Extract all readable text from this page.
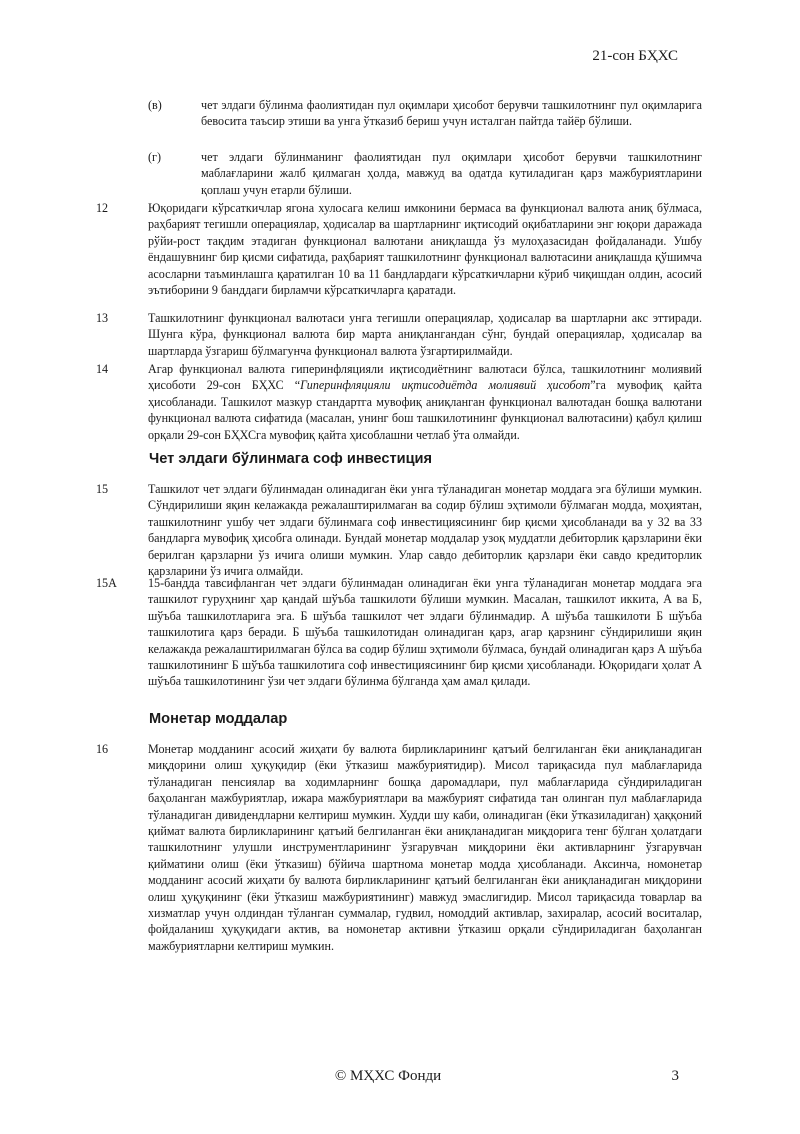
21-сон БҲХС
(в)	чет элдаги бўлинма фаолиятидан пул оқимлари ҳисобот берувчи ташкилотнинг пул оқимларига бевосита таъсир этиши ва унга ўтказиб бериш учун исталган пайтда тайёр бўлиши.
(г)	чет элдаги бўлинманинг фаолиятидан пул оқимлари ҳисобот берувчи ташкилотнинг маблағларини жалб қилмаган ҳолда, мавжуд ва одатда кутиладиган қарз мажбуриятларини қоплаш учун етарли бўлиши.
12	Юқоридаги кўрсаткичлар ягона хулосага келиш имконини бермаса ва функционал валюта аниқ бўлмаса, раҳбарият тегишли операциялар, ҳодисалар ва шартларнинг иқтисодий оқибатларини энг юқори даражада рўйи-рост тақдим этадиган функционал валютани аниқлашда ўз мулоҳазасидан фойдаланади. Ушбу ёндашувнинг бир қисми сифатида, раҳбарият ташкилотнинг функционал валютасини аниқлашда қўшимча асосларни таъминлашга қаратилган 10 ва 11 бандлардаги кўрсаткичларни кўриб чиқишдан олдин, асосий эътиборини 9 банддаги бирламчи кўрсаткичларга қаратади.
13	Ташкилотнинг функционал валютаси унга тегишли операциялар, ҳодисалар ва шартларни акс эттиради. Шунга кўра, функционал валюта бир марта аниқлангандан сўнг, бундай операциялар, ҳодисалар ва шартларда ўзгариш бўлмагунча функционал валюта ўзгартирилмайди.
14	Агар функционал валюта гиперинфляцияли иқтисодиётнинг валютаси бўлса, ташкилотнинг молиявий ҳисоботи 29-сон БҲХС “Гиперинфляцияли иқтисодиётда молиявий ҳисобот”га мувофиқ қайта ҳисобланади. Ташкилот мазкур стандартга мувофиқ аниқланган функционал валютадан бошқа валютани функционал валюта сифатида (масалан, унинг бош ташкилотининг функционал валютасини) қабул қилиш орқали 29-сон БҲХСга мувофиқ қайта ҳисоблашни четлаб ўта олмайди.
Чет элдаги бўлинмага соф инвестиция
15	Ташкилот чет элдаги бўлинмадан олинадиган ёки унга тўланадиган монетар моддага эга бўлиши мумкин. Сўндирилиши яқин келажакда режалаштирилмаган ва содир бўлиш эҳтимоли бўлмаган модда, моҳиятан, ташкилотнинг ушбу чет элдаги бўлинмага соф инвестициясининг бир қисми ҳисобланади ва у 32 ва 33 бандларга мувофиқ ҳисобга олинади. Бундай монетар моддалар узоқ муддатли дебиторлик қарзларини ёки берилган қарзларни ўз ичига олиши мумкин. Улар савдо дебиторлик қарзлари ёки савдо кредиторлик қарзларини ўз ичига олмайди.
15А	15-бандда тавсифланган чет элдаги бўлинмадан олинадиган ёки унга тўланадиган монетар моддага эга ташкилот гуруҳнинг ҳар қандай шўъба ташкилоти бўлиши мумкин. Масалан, ташкилот иккита, А ва Б, шўъба ташкилотларига эга. Б шўъба ташкилот чет элдаги бўлинмадир. А шўъба ташкилоти Б шўъба ташкилотига қарз беради. Б шўъба ташкилотидан олинадиган қарз, агар қарзнинг сўндирилиши яқин келажакда режалаштирилмаган бўлса ва содир бўлиш эҳтимоли бўлмаса, бундай олинадиган қарз А шўъба ташкилотининг Б шўъба ташкилотига соф инвестициясининг бир қисми ҳисобланади. Юқоридаги ҳолат А шўъба ташкилотининг ўзи чет элдаги бўлинма бўлганда ҳам амал қилади.
Монетар моддалар
16	Монетар модданинг асосий жиҳати бу валюта бирликларининг қатъий белгиланган ёки аниқланадиган миқдорини олиш ҳуқуқидир (ёки ўтказиш мажбуриятидир). Мисол тариқасида пул маблағларида тўланадиган пенсиялар ва ходимларнинг бошқа даромадлари, пул маблағларида сўндириладиган баҳоланган мажбуриятлар, ижара мажбуриятлари ва мажбурият сифатида тан олинган пул маблағларида тўланадиган дивидендларни келтириш мумкин. Худди шу каби, олинадиган (ёки ўтказиладиган) ҳаққоний қиймат валюта бирликларининг қатъий белгиланган ёки аниқланадиган миқдорига тенг бўлган ҳолатдаги ташкилотнинг улушли инструментларининг ўзгарувчан миқдорини ёки активларнинг ўзгарувчан қийматини олиш (ёки ўтказиш) бўйича шартнома монетар модда ҳисобланади. Аксинча, номонетар модданинг асосий жиҳати бу валюта бирликларининг қатъий белгиланган ёки аниқланадиган миқдорини олиш ҳуқуқининг (ёки ўтказиш мажбуриятининг) мавжуд эмаслигидир. Мисол тариқасида товарлар ва хизматлар учун олдиндан тўланган суммалар, гудвил, номоддий активлар, захиралар, асосий воситалар, фойдаланиш ҳуқуқидаги актив, ва номонетар активни ўтказиш орқали сўндириладиган баҳоланган мажбуриятларни келтириш мумкин.
© МҲХС Фонди	3
